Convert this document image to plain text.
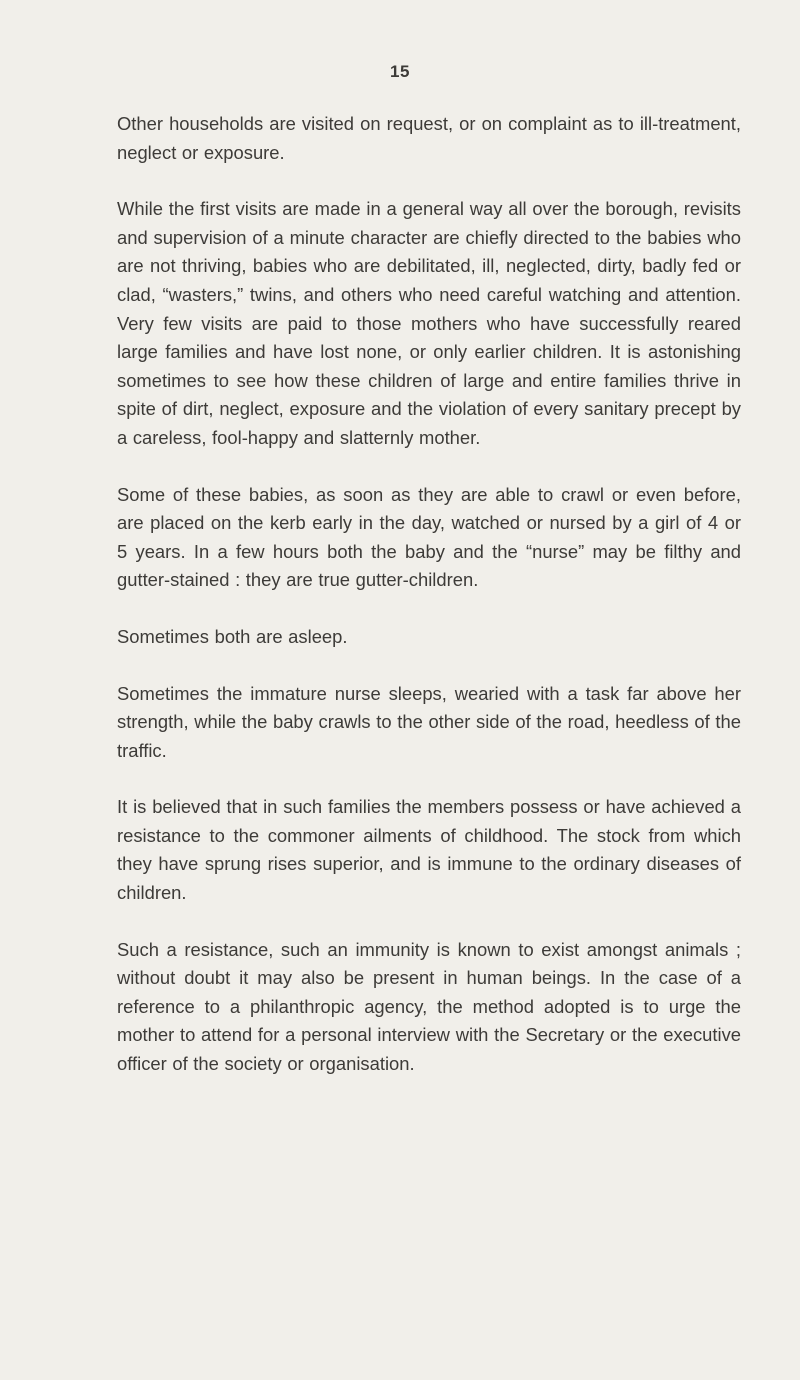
15

Other households are visited on request, or on complaint as to ill-treatment, neglect or exposure.

While the first visits are made in a general way all over the borough, revisits and supervision of a minute character are chiefly directed to the babies who are not thriving, babies who are debilitated, ill, neglected, dirty, badly fed or clad, “wasters,” twins, and others who need careful watching and attention. Very few visits are paid to those mothers who have successfully reared large families and have lost none, or only earlier children. It is astonishing sometimes to see how these children of large and entire families thrive in spite of dirt, neglect, exposure and the violation of every sanitary precept by a careless, fool-happy and slatternly mother.

Some of these babies, as soon as they are able to crawl or even before, are placed on the kerb early in the day, watched or nursed by a girl of 4 or 5 years. In a few hours both the baby and the “nurse” may be filthy and gutter-stained : they are true gutter-children.

Sometimes both are asleep.

Sometimes the immature nurse sleeps, wearied with a task far above her strength, while the baby crawls to the other side of the road, heedless of the traffic.

It is believed that in such families the members possess or have achieved a resistance to the commoner ailments of childhood. The stock from which they have sprung rises superior, and is immune to the ordinary diseases of children.

Such a resistance, such an immunity is known to exist amongst animals ; without doubt it may also be present in human beings. In the case of a reference to a philanthropic agency, the method adopted is to urge the mother to attend for a personal interview with the Secretary or the executive officer of the society or organisation.
